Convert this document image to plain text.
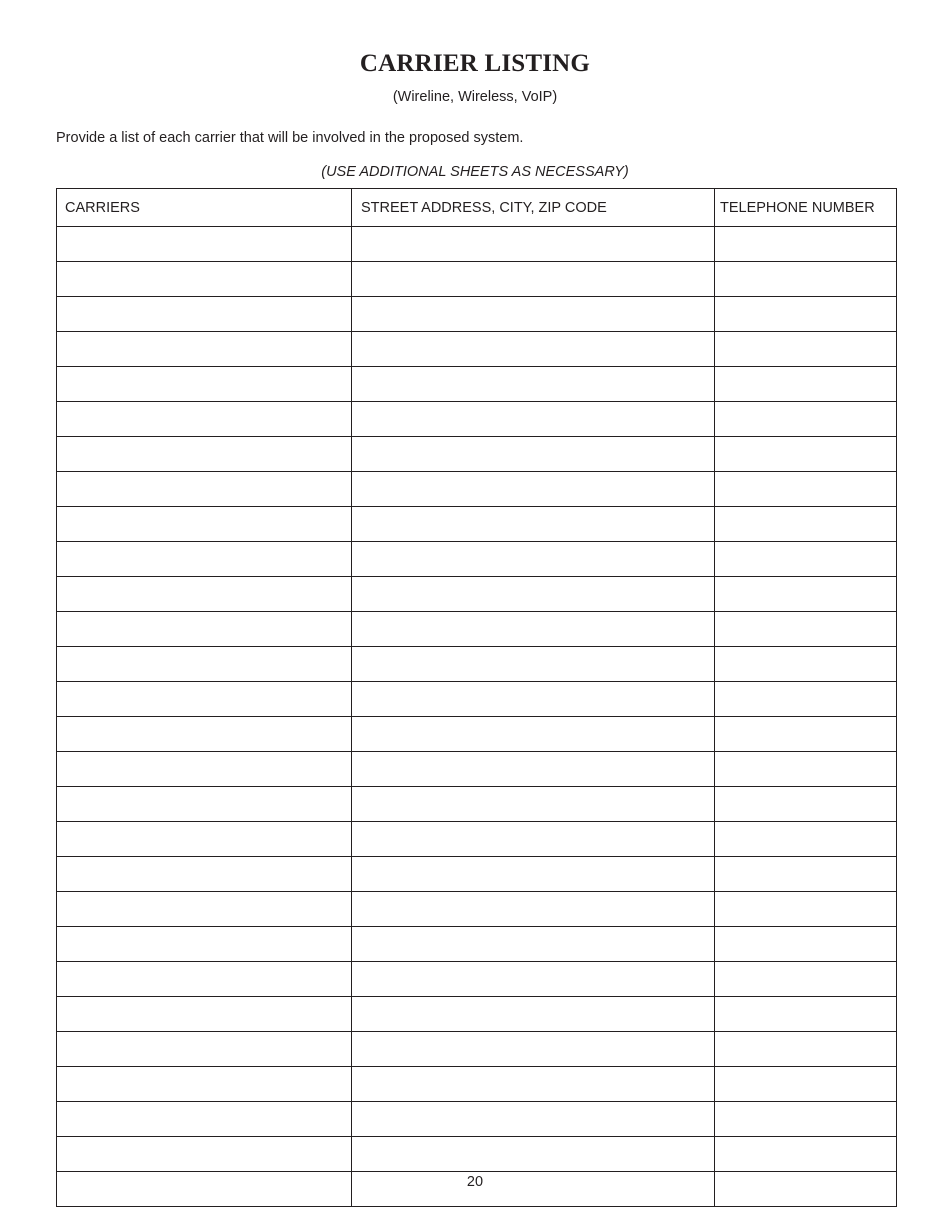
CARRIER LISTING
(Wireline, Wireless, VoIP)
Provide a list of each carrier that will be involved in the proposed system.
(USE ADDITIONAL SHEETS AS NECESSARY)
CARRIERS	STREET ADDRESS, CITY, ZIP CODE	TELEPHONE NUMBER

20
